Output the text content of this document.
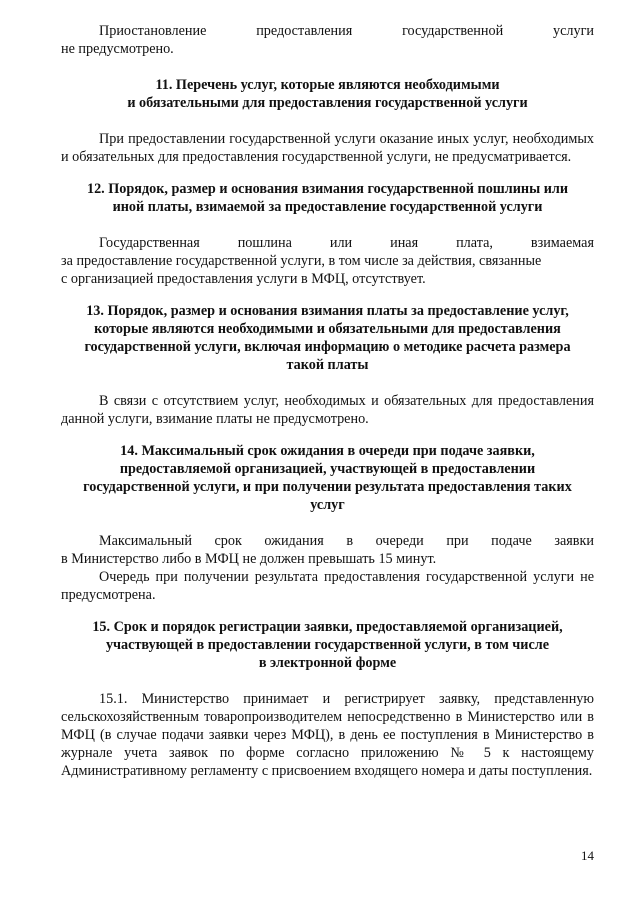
Приостановление	предоставления	государственной	услуги

не предусмотрено.

11. Перечень услуг, которые являются необходимыми
и обязательными для предоставления государственной услуги

При предоставлении государственной услуги оказание иных услуг, необходимых и обязательных для предоставления государственной услуги, не предусматривается.

12. Порядок, размер и основания взимания государственной пошлины или
иной платы, взимаемой за предоставление государственной услуги
Государственная	пошлина	или	иная	плата,	взимаемая

за предоставление государственной услуги, в том числе за действия, связанные

с организацией предоставления услуги в МФЦ, отсутствует.

13. Порядок, размер и основания взимания платы за предоставление услуг,
которые являются необходимыми и обязательными для предоставления
государственной услуги, включая информацию о методике расчета размера
такой платы

В связи с отсутствием услуг, необходимых и обязательных для предоставления данной услуги, взимание платы не предусмотрено.

14. Максимальный срок ожидания в очереди при подаче заявки,
предоставляемой организацией, участвующей в предоставлении
государственной услуги, и при получении результата предоставления таких
услуг
Максимальный срок ожидания в очереди при подаче заявки

в Министерство либо в МФЦ не должен превышать 15 минут.

Очередь при получении результата предоставления государственной услуги не предусмотрена.

15. Срок и порядок регистрации заявки, предоставляемой организацией,
участвующей в предоставлении государственной услуги, в том числе
в электронной форме

15.1. Министерство принимает и регистрирует заявку, представленную сельскохозяйственным товаропроизводителем непосредственно в Министерство или в МФЦ (в случае подачи заявки через МФЦ), в день ее поступления в Министерство в журнале учета заявок по форме согласно приложению № 5 к настоящему Административному регламенту с присвоением входящего номера и даты поступления.

14
